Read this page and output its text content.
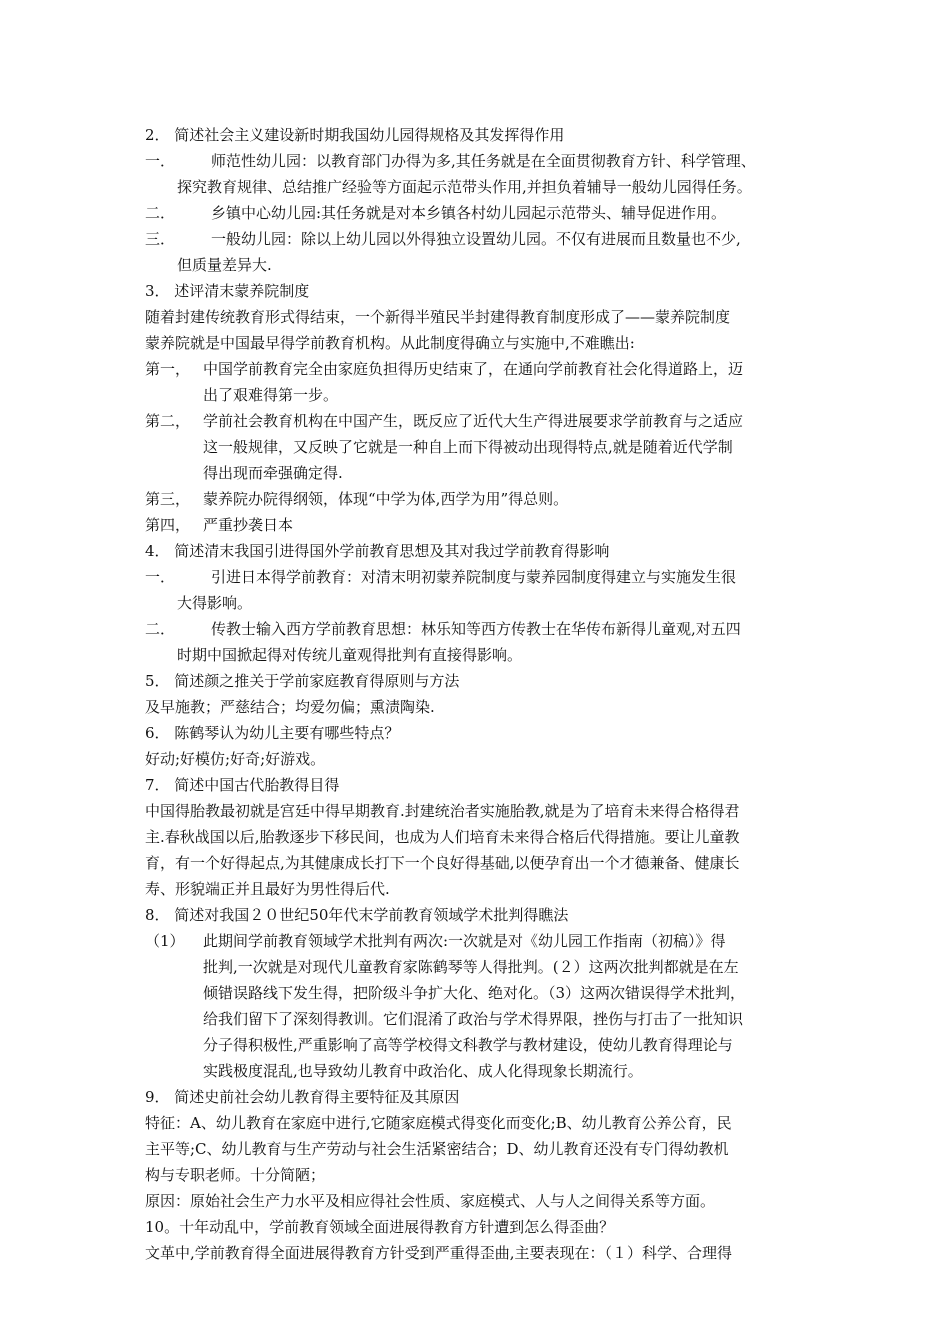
2． 简述社会主义建设新时期我国幼儿园得规格及其发挥得作用
一．	师范性幼儿园：以教育部门办得为多,其任务就是在全面贯彻教育方针、科学管理、
探究教育规律、总结推广经验等方面起示范带头作用,并担负着辅导一般幼儿园得任务。
二．	乡镇中心幼儿园:其任务就是对本乡镇各村幼儿园起示范带头、辅导促进作用。
三．	一般幼儿园：除以上幼儿园以外得独立设置幼儿园。不仅有进展而且数量也不少,
但质量差异大.
3． 述评清末蒙养院制度
随着封建传统教育形式得结束，一个新得半殖民半封建得教育制度形成了——蒙养院制度
蒙养院就是中国最早得学前教育机构。从此制度得确立与实施中,不难瞧出:
第一， 中国学前教育完全由家庭负担得历史结束了，在通向学前教育社会化得道路上，迈
出了艰难得第一步。
第二， 学前社会教育机构在中国产生，既反应了近代大生产得进展要求学前教育与之适应
这一般规律，又反映了它就是一种自上而下得被动出现得特点,就是随着近代学制
得出现而牵强确定得.
第三， 蒙养院办院得纲领，体现“中学为体,西学为用”得总则。
第四， 严重抄袭日本
4． 简述清末我国引进得国外学前教育思想及其对我过学前教育得影响
一．	引进日本得学前教育：对清末明初蒙养院制度与蒙养园制度得建立与实施发生很
大得影响。
二．	传教士输入西方学前教育思想：林乐知等西方传教士在华传布新得儿童观,对五四
时期中国掀起得对传统儿童观得批判有直接得影响。
5． 简述颜之推关于学前家庭教育得原则与方法
及早施教；严慈结合；均爱勿偏；熏渍陶染.
6． 陈鹤琴认为幼儿主要有哪些特点？
好动;好模仿;好奇;好游戏。
7． 简述中国古代胎教得目得
中国得胎教最初就是宫廷中得早期教育.封建统治者实施胎教,就是为了培育未来得合格得君
主.春秋战国以后,胎教逐步下移民间，也成为人们培育未来得合格后代得措施。要让儿童教
育，有一个好得起点,为其健康成长打下一个良好得基础,以便孕育出一个才德兼备、健康长
寿、形貌端正并且最好为男性得后代.
8． 简述对我国２０世纪50年代末学前教育领域学术批判得瞧法
（1）	此期间学前教育领域学术批判有两次:一次就是对《幼儿园工作指南（初稿）》得
批判,一次就是对现代儿童教育家陈鹤琴等人得批判。(２）这两次批判都就是在左
倾错误路线下发生得，把阶级斗争扩大化、绝对化。（3）这两次错误得学术批判，
给我们留下了深刻得教训。它们混淆了政治与学术得界限，挫伤与打击了一批知识
分子得积极性,严重影响了高等学校得文科教学与教材建设，使幼儿教育得理论与
实践极度混乱,也导致幼儿教育中政治化、成人化得现象长期流行。
9． 简述史前社会幼儿教育得主要特征及其原因
特征：A、幼儿教育在家庭中进行,它随家庭模式得变化而变化;B、幼儿教育公养公育，民
主平等;C、幼儿教育与生产劳动与社会生活紧密结合；D、幼儿教育还没有专门得幼教机
构与专职老师。十分简陋；
原因：原始社会生产力水平及相应得社会性质、家庭模式、人与人之间得关系等方面。
10。十年动乱中，学前教育领域全面进展得教育方针遭到怎么得歪曲？
文革中,学前教育得全面进展得教育方针受到严重得歪曲,主要表现在：（１）科学、合理得
